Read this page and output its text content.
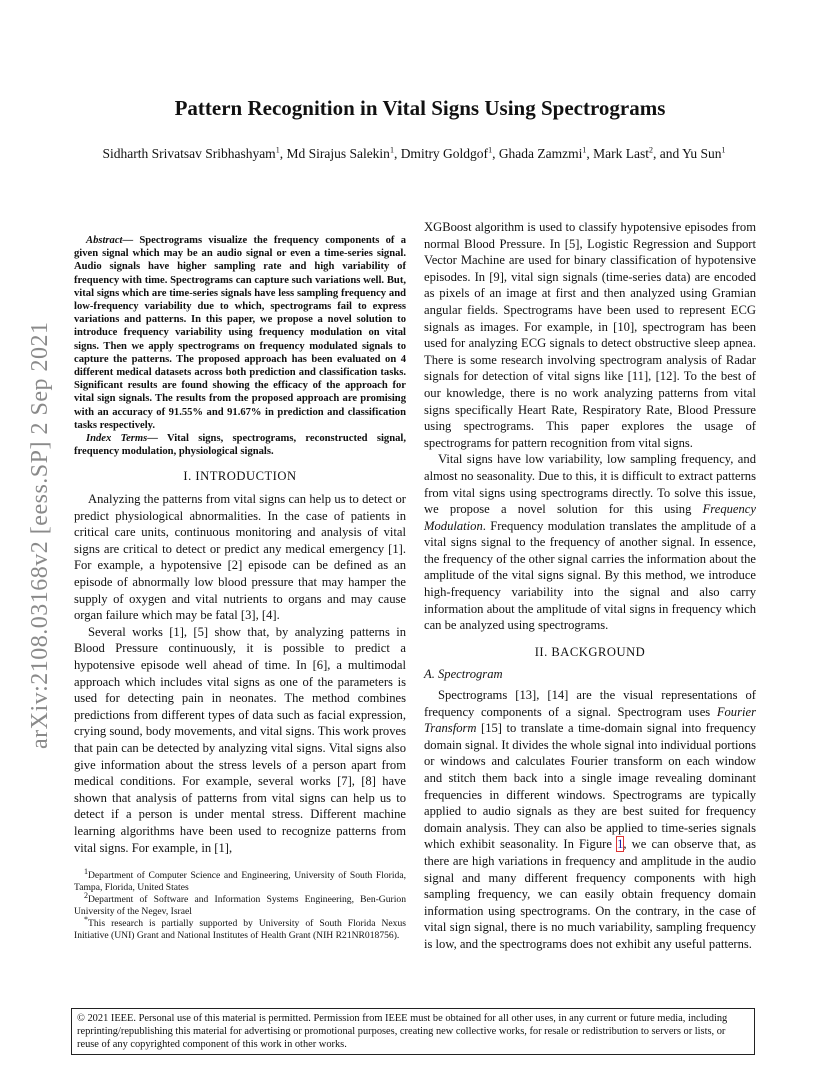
arXiv:2108.03168v2 [eess.SP] 2 Sep 2021
Pattern Recognition in Vital Signs Using Spectrograms
Sidharth Srivatsav Sribhashyam$^1$, Md Sirajus Salekin$^1$, Dmitry Goldgof$^1$, Ghada Zamzmi$^1$, Mark Last$^2$, and Yu Sun$^1$

Abstract— Spectrograms visualize the frequency components of a given signal which may be an audio signal or even a time-series signal. Audio signals have higher sampling rate and high variability of frequency with time. Spectrograms can capture such variations well. But, vital signs which are time-series signals have less sampling frequency and low-frequency variability due to which, spectrograms fail to express variations and patterns. In this paper, we propose a novel solution to introduce frequency variability using frequency modulation on vital signs. Then we apply spectrograms on frequency modulated signals to capture the patterns. The proposed approach has been evaluated on 4 different medical datasets across both prediction and classification tasks. Significant results are found showing the efficacy of the approach for vital sign signals. The results from the proposed approach are promising with an accuracy of 91.55% and 91.67% in prediction and classification tasks respectively.

Index Terms— Vital signs, spectrograms, reconstructed signal, frequency modulation, physiological signals.

I. INTRODUCTION

Analyzing the patterns from vital signs can help us to detect or predict physiological abnormalities. In the case of patients in critical care units, continuous monitoring and analysis of vital signs are critical to detect or predict any medical emergency [1]. For example, a hypotensive [2] episode can be defined as an episode of abnormally low blood pressure that may hamper the supply of oxygen and vital nutrients to organs and may cause organ failure which may be fatal [3], [4].

Several works [1], [5] show that, by analyzing patterns in Blood Pressure continuously, it is possible to predict a hypotensive episode well ahead of time. In [6], a multimodal approach which includes vital signs as one of the parameters is used for detecting pain in neonates. The method combines predictions from different types of data such as facial expression, crying sound, body movements, and vital signs. This work proves that pain can be detected by analyzing vital signs. Vital signs also give information about the stress levels of a person apart from medical conditions. For example, several works [7], [8] have shown that analysis of patterns from vital signs can help us to detect if a person is under mental stress. Different machine learning algorithms have been used to recognize patterns from vital signs. For example, in [1],

$^1$Department of Computer Science and Engineering, University of South Florida, Tampa, Florida, United States

$^2$Department of Software and Information Systems Engineering, Ben-Gurion University of the Negev, Israel

*This research is partially supported by University of South Florida Nexus Initiative (UNI) Grant and National Institutes of Health Grant (NIH R21NR018756).

XGBoost algorithm is used to classify hypotensive episodes from normal Blood Pressure. In [5], Logistic Regression and Support Vector Machine are used for binary classification of hypotensive episodes. In [9], vital sign signals (time-series data) are encoded as pixels of an image at first and then analyzed using Gramian angular fields. Spectrograms have been used to represent ECG signals as images. For example, in [10], spectrogram has been used for analyzing ECG signals to detect obstructive sleep apnea. There is some research involving spectrogram analysis of Radar signals for detection of vital signs like [11], [12]. To the best of our knowledge, there is no work analyzing patterns from vital signs specifically Heart Rate, Respiratory Rate, Blood Pressure using spectrograms. This paper explores the usage of spectrograms for pattern recognition from vital signs.

Vital signs have low variability, low sampling frequency, and almost no seasonality. Due to this, it is difficult to extract patterns from vital signs using spectrograms directly. To solve this issue, we propose a novel solution for this using Frequency Modulation. Frequency modulation translates the amplitude of a vital signs signal to the frequency of another signal. In essence, the frequency of the other signal carries the information about the amplitude of the vital signs signal. By this method, we introduce high-frequency variability into the signal and also carry information about the amplitude of vital signs in frequency which can be analyzed using spectrograms.

II. BACKGROUND
A. Spectrogram

Spectrograms [13], [14] are the visual representations of frequency components of a signal. Spectrogram uses Fourier Transform [15] to translate a time-domain signal into frequency domain signal. It divides the whole signal into individual portions or windows and calculates Fourier transform on each window and stitch them back into a single image revealing dominant frequencies in different windows. Spectrograms are typically applied to audio signals as they are best suited for frequency domain analysis. They can also be applied to time-series signals which exhibit seasonality. In Figure 1, we can observe that, as there are high variations in frequency and amplitude in the audio signal and many different frequency components with high sampling frequency, we can easily obtain frequency domain information using spectrograms. On the contrary, in the case of vital sign signal, there is no much variability, sampling frequency is low, and the spectrograms does not exhibit any useful patterns.

© 2021 IEEE. Personal use of this material is permitted. Permission from IEEE must be obtained for all other uses, in any current or future media, including reprinting/republishing this material for advertising or promotional purposes, creating new collective works, for resale or redistribution to servers or lists, or reuse of any copyrighted component of this work in other works.
